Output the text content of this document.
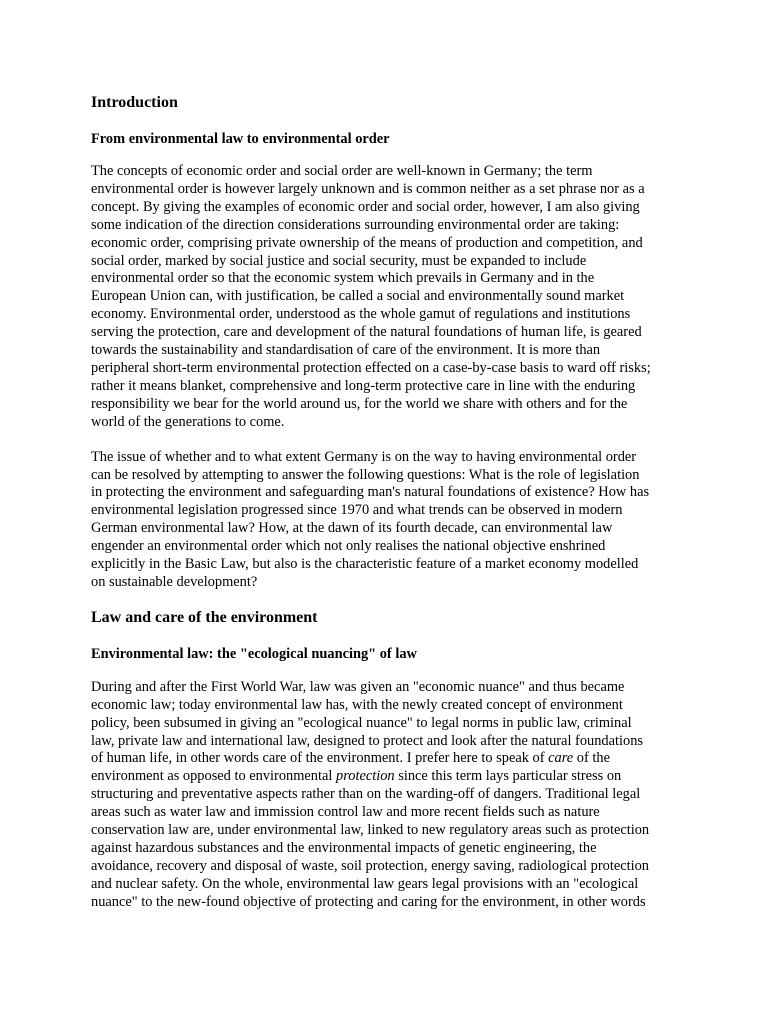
Introduction
From environmental law to environmental order

The concepts of economic order and social order are well-known in Germany; the term
environmental order is however largely unknown and is common neither as a set phrase nor as a
concept. By giving the examples of economic order and social order, however, I am also giving
some indication of the direction considerations surrounding environmental order are taking:
economic order, comprising private ownership of the means of production and competition, and
social order, marked by social justice and social security, must be expanded to include
environmental order so that the economic system which prevails in Germany and in the
European Union can, with justification, be called a social and environmentally sound market
economy. Environmental order, understood as the whole gamut of regulations and institutions
serving the protection, care and development of the natural foundations of human life, is geared
towards the sustainability and standardisation of care of the environment. It is more than
peripheral short-term environmental protection effected on a case-by-case basis to ward off risks;
rather it means blanket, comprehensive and long-term protective care in line with the enduring
responsibility we bear for the world around us, for the world we share with others and for the
world of the generations to come.

The issue of whether and to what extent Germany is on the way to having environmental order
can be resolved by attempting to answer the following questions: What is the role of legislation
in protecting the environment and safeguarding man's natural foundations of existence? How has
environmental legislation progressed since 1970 and what trends can be observed in modern
German environmental law? How, at the dawn of its fourth decade, can environmental law
engender an environmental order which not only realises the national objective enshrined
explicitly in the Basic Law, but also is the characteristic feature of a market economy modelled
on sustainable development?

Law and care of the environment
Environmental law: the "ecological nuancing" of law

During and after the First World War, law was given an "economic nuance" and thus became
economic law; today environmental law has, with the newly created concept of environment
policy, been subsumed in giving an "ecological nuance" to legal norms in public law, criminal
law, private law and international law, designed to protect and look after the natural foundations
of human life, in other words care of the environment. I prefer here to speak of care of the
environment as opposed to environmental protection since this term lays particular stress on
structuring and preventative aspects rather than on the warding-off of dangers. Traditional legal
areas such as water law and immission control law and more recent fields such as nature
conservation law are, under environmental law, linked to new regulatory areas such as protection
against hazardous substances and the environmental impacts of genetic engineering, the
avoidance, recovery and disposal of waste, soil protection, energy saving, radiological protection
and nuclear safety. On the whole, environmental law gears legal provisions with an "ecological
nuance" to the new-found objective of protecting and caring for the environment, in other words
